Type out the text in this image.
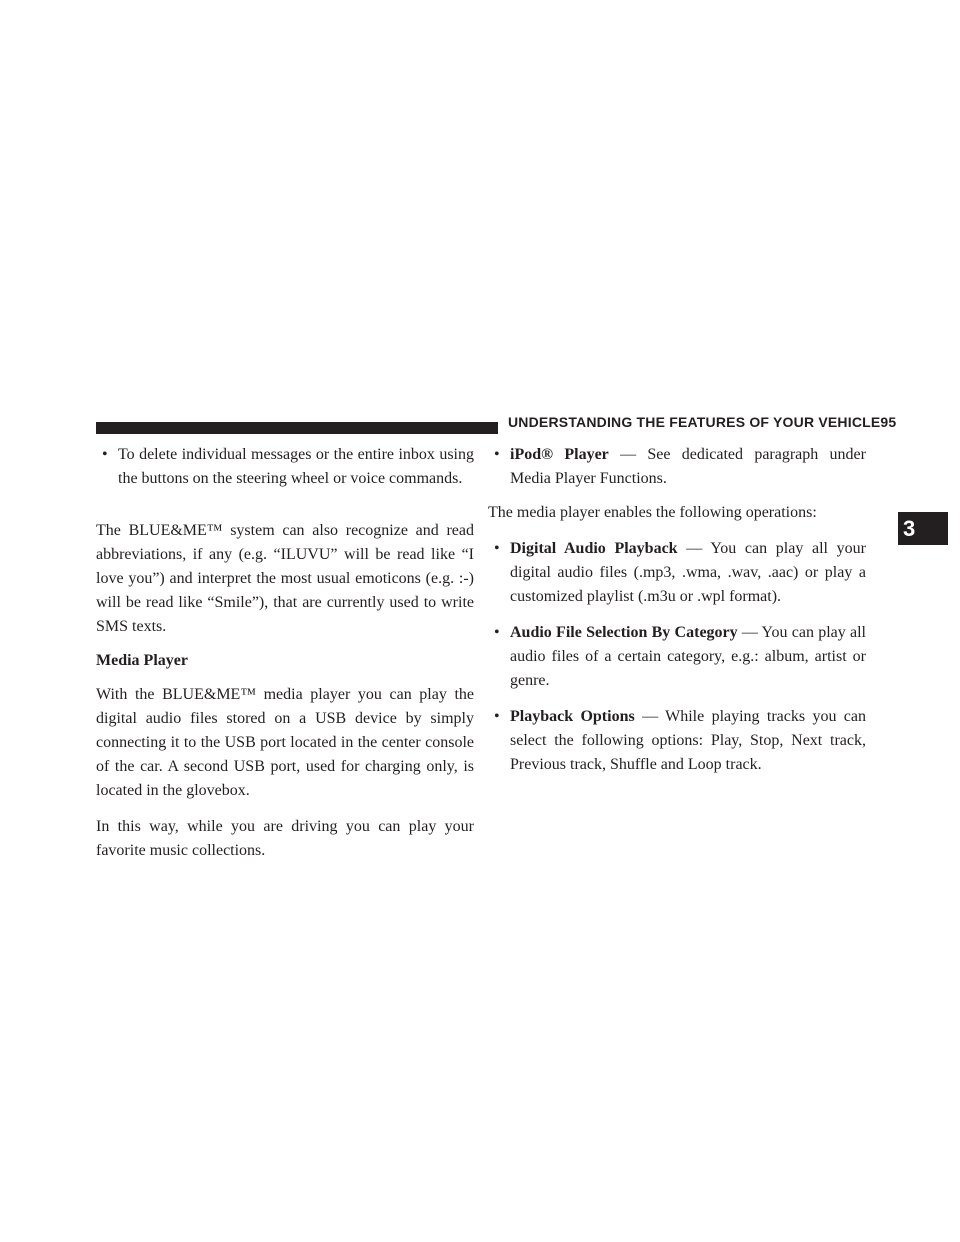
UNDERSTANDING THE FEATURES OF YOUR VEHICLE 95
3
• To delete individual messages or the entire inbox using the buttons on the steering wheel or voice commands.

The BLUE&ME™ system can also recognize and read abbreviations, if any (e.g. “ILUVU” will be read like “I love you”) and interpret the most usual emoticons (e.g. :-) will be read like “Smile”), that are currently used to write SMS texts.

Media Player

With the BLUE&ME™ media player you can play the digital audio files stored on a USB device by simply connecting it to the USB port located in the center console of the car. A second USB port, used for charging only, is located in the glovebox.

In this way, while you are driving you can play your favorite music collections.

• iPod® Player — See dedicated paragraph under Media Player Functions.

The media player enables the following operations:

• Digital Audio Playback — You can play all your digital audio files (.mp3, .wma, .wav, .aac) or play a customized playlist (.m3u or .wpl format).
• Audio File Selection By Category — You can play all audio files of a certain category, e.g.: album, artist or genre.
• Playback Options — While playing tracks you can select the following options: Play, Stop, Next track, Previous track, Shuffle and Loop track.
